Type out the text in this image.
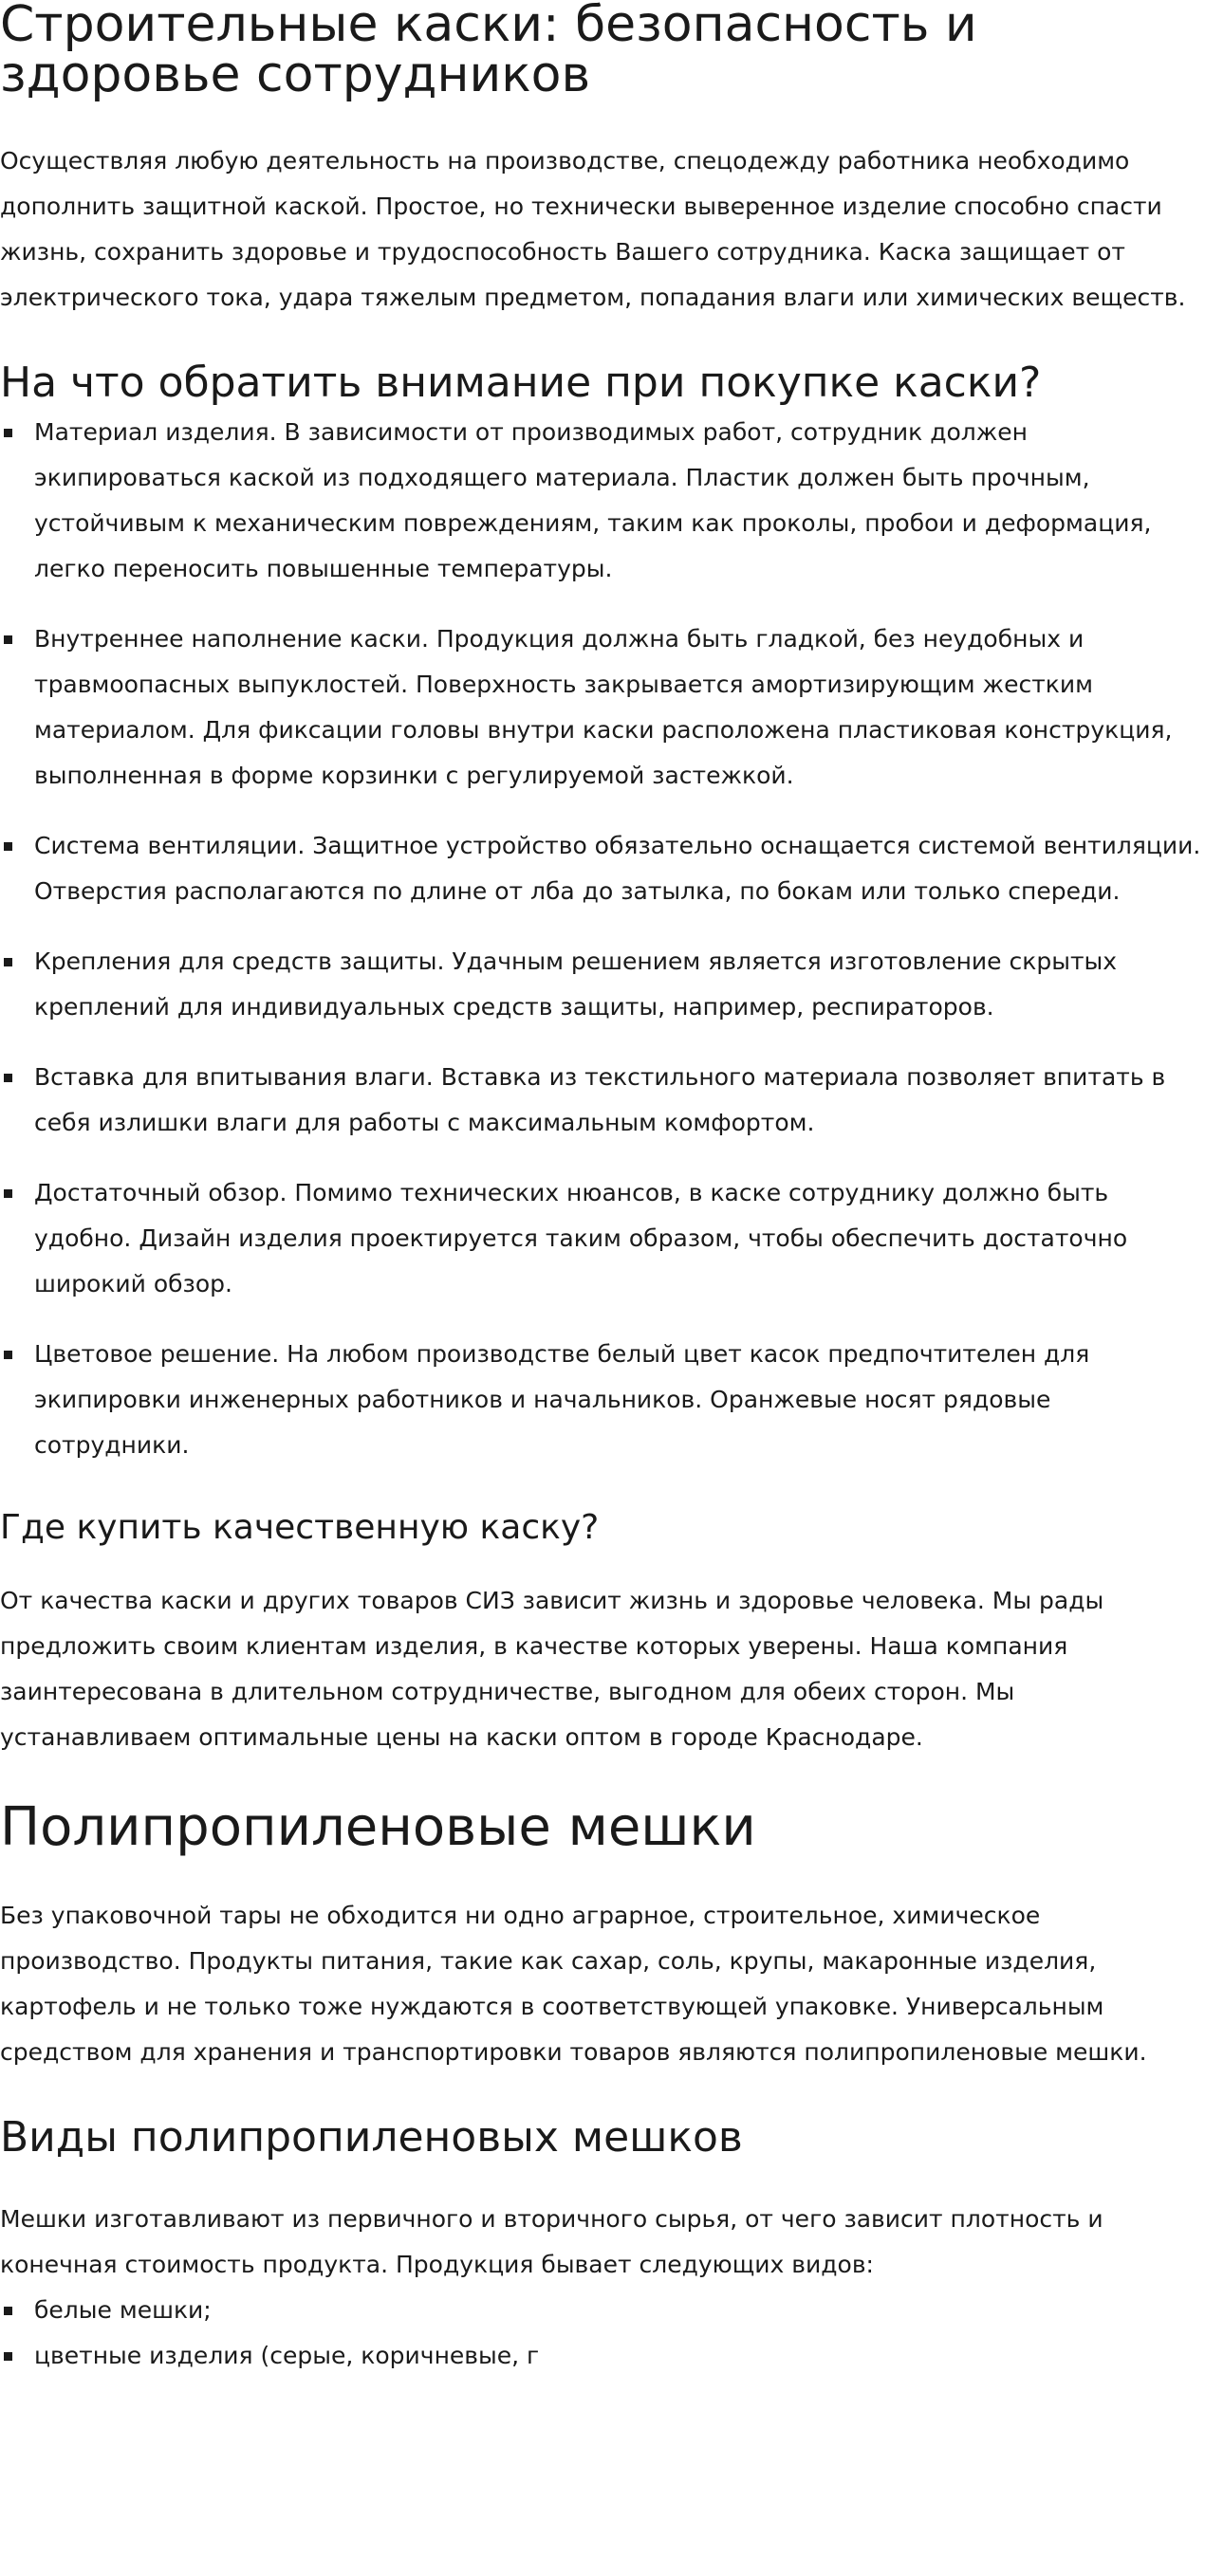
Строительные каски: безопасность и здоровье сотрудников

Осуществляя любую деятельность на производстве, спецодежду работника необходимо дополнить защитной каской. Простое, но технически выверенное изделие способно спасти жизнь, сохранить здоровье и трудоспособность Вашего сотрудника. Каска защищает от электрического тока, удара тяжелым предметом, попадания влаги или химических веществ.

На что обратить внимание при покупке каски?
Материал изделия. В зависимости от производимых работ, сотрудник должен экипироваться каской из подходящего материала. Пластик должен быть прочным, устойчивым к механическим повреждениям, таким как проколы, пробои и деформация, легко переносить повышенные температуры.
Внутреннее наполнение каски. Продукция должна быть гладкой, без неудобных и травмоопасных выпуклостей. Поверхность закрывается амортизирующим жестким материалом. Для фиксации головы внутри каски расположена пластиковая конструкция, выполненная в форме корзинки с регулируемой застежкой.
Система вентиляции. Защитное устройство обязательно оснащается системой вентиляции. Отверстия располагаются по длине от лба до затылка, по бокам или только спереди.
Крепления для средств защиты. Удачным решением является изготовление скрытых креплений для индивидуальных средств защиты, например, респираторов.
Вставка для впитывания влаги. Вставка из текстильного материала позволяет впитать в себя излишки влаги для работы с максимальным комфортом.
Достаточный обзор. Помимо технических нюансов, в каске сотруднику должно быть удобно. Дизайн изделия проектируется таким образом, чтобы обеспечить достаточно широкий обзор.
Цветовое решение. На любом производстве белый цвет касок предпочтителен для экипировки инженерных работников и начальников. Оранжевые носят рядовые сотрудники.
Где купить качественную каску?

От качества каски и других товаров СИЗ зависит жизнь и здоровье человека. Мы рады предложить своим клиентам изделия, в качестве которых уверены. Наша компания заинтересована в длительном сотрудничестве, выгодном для обеих сторон. Мы устанавливаем оптимальные цены на каски оптом в городе Краснодаре.

Полипропиленовые мешки

Без упаковочной тары не обходится ни одно аграрное, строительное, химическое производство. Продукты питания, такие как сахар, соль, крупы, макаронные изделия, картофель и не только тоже нуждаются в соответствующей упаковке. Универсальным средством для хранения и транспортировки товаров являются полипропиленовые мешки.

Виды полипропиленовых мешков

Мешки изготавливают из первичного и вторичного сырья, от чего зависит плотность и конечная стоимость продукта. Продукция бывает следующих видов:

белые мешки;
цветные изделия (серые, коричневые, г
